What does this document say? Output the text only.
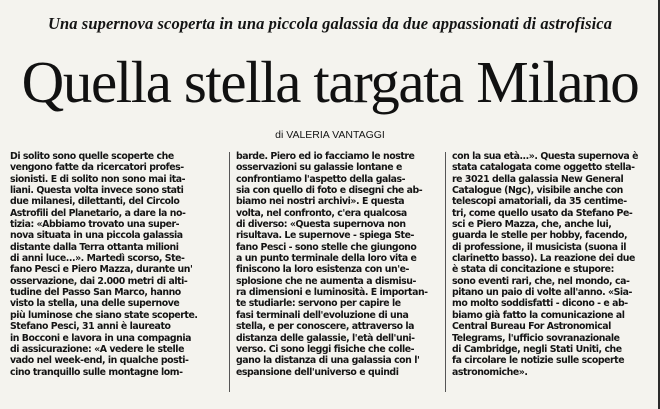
Una supernova scoperta in una piccola galassia da due appassionati di astrofisica
Quella stella targata Milano
di VALERIA VANTAGGI
Di solito sono quelle scoperte che
vengono fatte da ricercatori profes-
sionisti. E di solito non sono mai ita-
liani. Questa volta invece sono stati
due milanesi, dilettanti, del Circolo
Astrofili del Planetario, a dare la no-
tizia: «Abbiamo trovato una super-
nova situata in una piccola galassia
distante dalla Terra ottanta milioni
di anni luce...». Martedì scorso, Ste-
fano Pesci e Piero Mazza, durante un'
osservazione, dai 2.000 metri di alti-
tudine del Passo San Marco, hanno
visto la stella, una delle supernove
più luminose che siano state scoperte.
Stefano Pesci, 31 anni è laureato
in Bocconi e lavora in una compagnia
di assicurazione: «A vedere le stelle
vado nel week-end, in qualche posti-
cino tranquillo sulle montagne lom-
barde. Piero ed io facciamo le nostre
osservazioni su galassie lontane e
confrontiamo l'aspetto della galas-
sia con quello di foto e disegni che ab-
biamo nei nostri archivi». E questa
volta, nel confronto, c'era qualcosa
di diverso: «Questa supernova non
risultava. Le supernove - spiega Ste-
fano Pesci - sono stelle che giungono
a un punto terminale della loro vita e
finiscono la loro esistenza con un'e-
splosione che ne aumenta a dismisu-
ra dimensioni e luminosità. È importan-
te studiarle: servono per capire le
fasi terminali dell'evoluzione di una
stella, e per conoscere, attraverso la
distanza delle galassie, l'età dell'uni-
verso. Ci sono leggi fisiche che colle-
gano la distanza di una galassia con l'
espansione dell'universo e quindi
con la sua età...». Questa supernova è
stata catalogata come oggetto stella-
re 3021 della galassia New General
Catalogue (Ngc), visibile anche con
telescopi amatoriali, da 35 centime-
tri, come quello usato da Stefano Pe-
sci e Piero Mazza, che, anche lui,
guarda le stelle per hobby, facendo,
di professione, il musicista (suona il
clarinetto basso). La reazione dei due
è stata di concitazione e stupore:
sono eventi rari, che, nel mondo, ca-
pitano un paio di volte all'anno. «Sia-
mo molto soddisfatti - dicono - e ab-
biamo già fatto la comunicazione al
Central Bureau For Astronomical
Telegrams, l'ufficio sovranazionale
di Cambridge, negli Stati Uniti, che
fa circolare le notizie sulle scoperte
astronomiche».
